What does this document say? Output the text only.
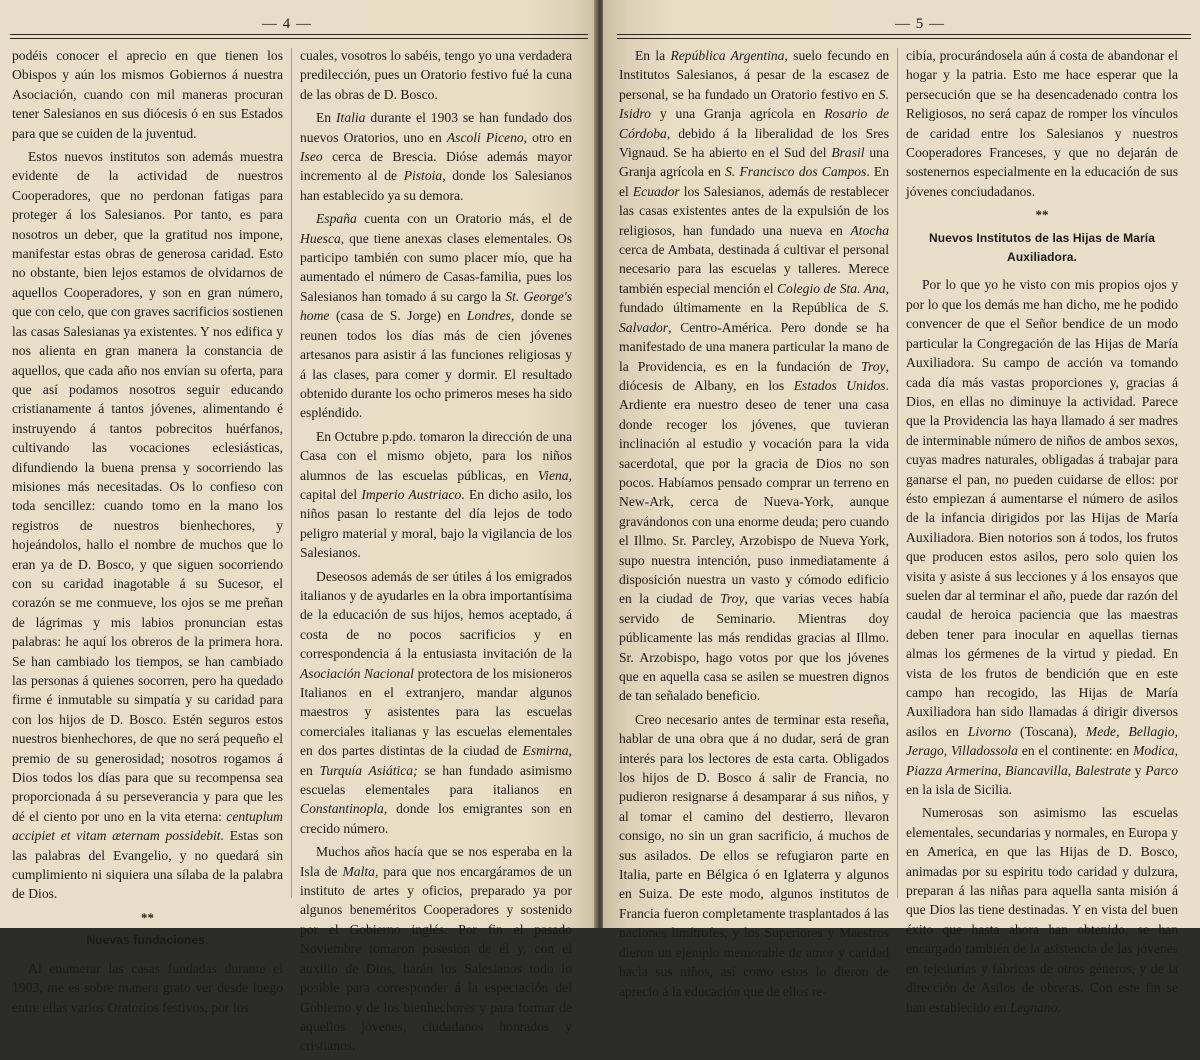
— 4 —

podéis conocer el aprecio en que tienen los Obispos y aún los mismos Gobiernos á nuestra Asociación, cuando con mil maneras procuran tener Salesianos en sus diócesis ó en sus Estados para que se cuiden de la juventud.

Estos nuevos institutos son además muestra evidente de la actividad de nuestros Cooperadores, que no perdonan fatigas para proteger á los Salesianos. Por tanto, es para nosotros un deber, que la gratitud nos impone, manifestar estas obras de generosa caridad. Esto no obstante, bien lejos estamos de olvidarnos de aquellos Cooperadores, y son en gran número, que con celo, que con graves sacrificios sostienen las casas Salesianas ya existentes. Y nos edifica y nos alienta en gran manera la constancia de aquellos, que cada año nos envían su oferta, para que así podamos nosotros seguir educando cristianamente á tantos jóvenes, alimentando é instruyendo á tantos pobrecitos huérfanos, cultivando las vocaciones eclesiásticas, difundiendo la buena prensa y socorriendo las misiones más necesitadas. Os lo confieso con toda sencillez: cuando tomo en la mano los registros de nuestros bienhechores, y hojeándolos, hallo el nombre de muchos que lo eran ya de D. Bosco, y que siguen socorriendo con su caridad inagotable á su Sucesor, el corazón se me conmueve, los ojos se me preñan de lágrimas y mis labios pronuncian estas palabras: he aquí los obreros de la primera hora. Se han cambiado los tiempos, se han cambiado las personas á quienes socorren, pero ha quedado firme é inmutable su simpatía y su caridad para con los hijos de D. Bosco. Estén seguros estos nuestros bienhechores, de que no será pequeño el premio de su generosidad; nosotros rogamos á Dios todos los días para que su recompensa sea proporcionada á su perseverancia y para que les dé el ciento por uno en la vita eterna: centuplum accipiet et vitam æternam possidebit. Estas son las palabras del Evangelio, y no quedará sin cumplimiento ni siquiera una sílaba de la palabra de Dios.

**
Nuevas fundaciones.

Al enumerar las casas fundadas durante el 1903, me es sobre manera grato ver desde luego entre ellas varios Oratorios festivos, por los

cuales, vosotros lo sabéis, tengo yo una verdadera predilección, pues un Oratorio festivo fué la cuna de las obras de D. Bosco.

En Italia durante el 1903 se han fundado dos nuevos Oratorios, uno en Ascoli Piceno, otro en Iseo cerca de Brescia. Dióse además mayor incremento al de Pistoia, donde los Salesianos han establecido ya su demora.

España cuenta con un Oratorio más, el de Huesca, que tiene anexas clases elementales. Os participo también con sumo placer mío, que ha aumentado el número de Casas-familia, pues los Salesianos han tomado á su cargo la St. George's home (casa de S. Jorge) en Londres, donde se reunen todos los días más de cien jóvenes artesanos para asistir á las funciones religiosas y á las clases, para comer y dormir. El resultado obtenido durante los ocho primeros meses ha sido espléndido.

En Octubre p.pdo. tomaron la dirección de una Casa con el mismo objeto, para los niños alumnos de las escuelas públicas, en Viena, capital del Imperio Austriaco. En dicho asilo, los niños pasan lo restante del día lejos de todo peligro material y moral, bajo la vigilancia de los Salesianos.

Deseosos además de ser útiles á los emigrados italianos y de ayudarles en la obra importantísima de la educación de sus hijos, hemos aceptado, á costa de no pocos sacrificios y en correspondencia á la entusiasta invitación de la Asociación Nacional protectora de los misioneros Italianos en el extranjero, mandar algunos maestros y asistentes para las escuelas comerciales italianas y las escuelas elementales en dos partes distintas de la ciudad de Esmirna, en Turquía Asiática; se han fundado asimismo escuelas elementales para italianos en Constantinopla, donde los emigrantes son en crecido número.

Muchos años hacía que se nos esperaba en la Isla de Malta, para que nos encargáramos de un instituto de artes y oficios, preparado ya por algunos beneméritos Cooperadores y sostenido por el Gobierno inglés. Por fin el pasado Noviembre tomaron posesión de él y, con el auxilio de Dios, harán los Salesianos todo lo posible para corresponder á la espectación del Gobierno y de los bienhechores y para formar de aquellos jóvenes, ciudadanos honrados y cristianos.

— 5 —

En la República Argentina, suelo fecundo en Institutos Salesianos, á pesar de la escasez de personal, se ha fundado un Oratorio festivo en S. Isidro y una Granja agrícola en Rosario de Córdoba, debido á la liberalidad de los Sres Vignaud. Se ha abierto en el Sud del Brasil una Granja agrícola en S. Francisco dos Campos. En el Ecuador los Salesianos, además de restablecer las casas existentes antes de la expulsión de los religiosos, han fundado una nueva en Atocha cerca de Ambata, destinada á cultivar el personal necesario para las escuelas y talleres. Merece también especial mención el Colegio de Sta. Ana, fundado últimamente en la República de S. Salvador, Centro-América. Pero donde se ha manifestado de una manera particular la mano de la Providencia, es en la fundación de Troy, diócesis de Albany, en los Estados Unidos. Ardiente era nuestro deseo de tener una casa donde recoger los jóvenes, que tuvieran inclinación al estudio y vocación para la vida sacerdotal, que por la gracia de Dios no son pocos. Habíamos pensado comprar un terreno en New-Ark, cerca de Nueva-York, aunque gravándonos con una enorme deuda; pero cuando el Illmo. Sr. Parcley, Arzobispo de Nueva York, supo nuestra intención, puso inmediatamente á disposición nuestra un vasto y cómodo edificio en la ciudad de Troy, que varias veces había servido de Seminario. Mientras doy públicamente las más rendidas gracias al Illmo. Sr. Arzobispo, hago votos por que los jóvenes que en aquella casa se asilen se muestren dignos de tan señalado beneficio.

Creo necesario antes de terminar esta reseña, hablar de una obra que á no dudar, será de gran interés para los lectores de esta carta. Obligados los hijos de D. Bosco á salir de Francia, no pudieron resignarse á desamparar á sus niños, y al tomar el camino del destierro, llevaron consigo, no sin un gran sacrificio, á muchos de sus asilados. De ellos se refugiaron parte en Italia, parte en Bélgica ó en Iglaterra y algunos en Suiza. De este modo, algunos institutos de Francia fueron completamente trasplantados á las naciones limítrofes, y los Superiores y Maestros dieron un ejemplo memorable de amor y caridad hacia sus niños, así como estos lo dieron de aprecio á la educación que de ellos re-

cibía, procurándosela aún á costa de abandonar el hogar y la patria. Esto me hace esperar que la persecución que se ha desencadenado contra los Religiosos, no será capaz de romper los vínculos de caridad entre los Salesianos y nuestros Cooperadores Franceses, y que no dejarán de sostenernos especialmente en la educación de sus jóvenes conciudadanos.

**
Nuevos Institutos de las Hijas de María Auxiliadora.

Por lo que yo he visto con mis propios ojos y por lo que los demás me han dicho, me he podido convencer de que el Señor bendice de un modo particular la Congregación de las Hijas de María Auxiliadora. Su campo de acción va tomando cada día más vastas proporciones y, gracias á Dios, en ellas no diminuye la actividad. Parece que la Providencia las haya llamado á ser madres de interminable número de niños de ambos sexos, cuyas madres naturales, obligadas á trabajar para ganarse el pan, no pueden cuidarse de ellos: por ésto empiezan á aumentarse el número de asilos de la infancia dirigidos por las Hijas de María Auxiliadora. Bien notorios son á todos, los frutos que producen estos asilos, pero solo quien los visita y asiste á sus lecciones y á los ensayos que suelen dar al terminar el año, puede dar razón del caudal de heroica paciencia que las maestras deben tener para inocular en aquellas tiernas almas los gérmenes de la virtud y piedad. En vista de los frutos de bendición que en este campo han recogido, las Hijas de María Auxiliadora han sido llamadas á dirigir diversos asilos en Livorno (Toscana), Mede, Bellagio, Jerago, Villadossola en el continente: en Modica, Piazza Armerina, Biancavilla, Balestrate y Parco en la isla de Sicilia.

Numerosas son asimismo las escuelas elementales, secundarias y normales, en Europa y en America, en que las Hijas de D. Bosco, animadas por su espiritu todo caridad y dulzura, preparan á las niñas para aquella santa misión á que Dios las tiene destinadas. Y en vista del buen éxito que hasta ahora han obtenido, se han encargado también de la asistencia de las jóvenes en tejedurías y fábricas de otros géneros, y de la dirección de Asilos de obreras. Con este fin se han establecido en Legnano.
